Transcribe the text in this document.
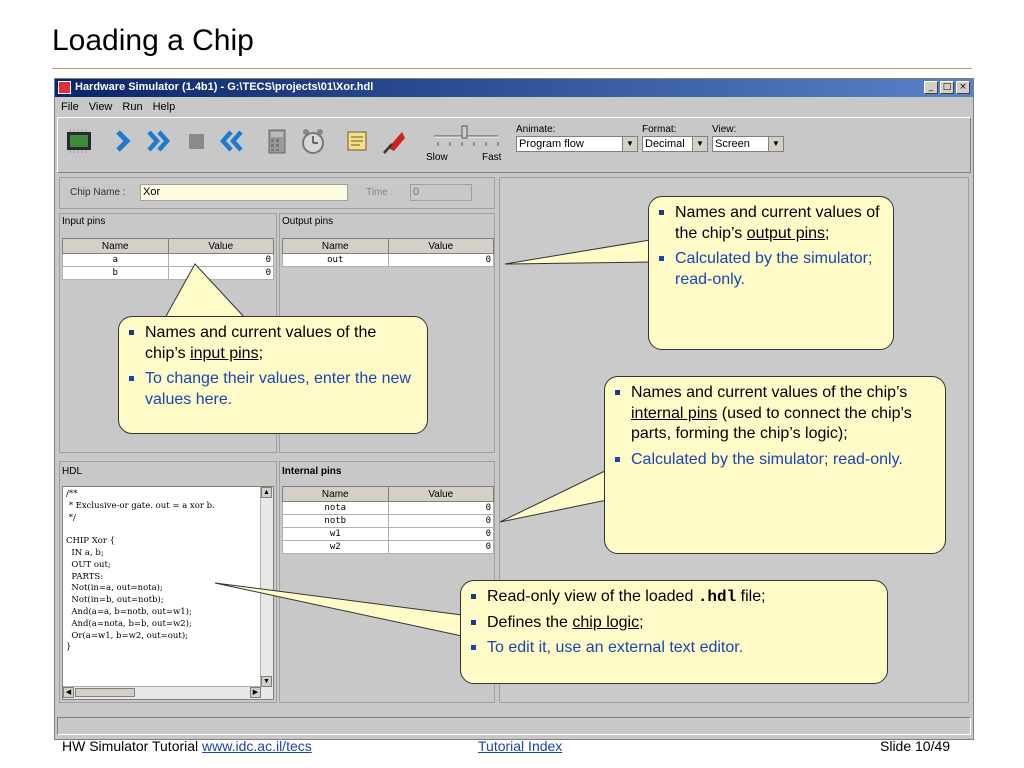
Loading a Chip
Hardware Simulator (1.4b1) - G:\TECS\projects\01\Xor.hdl	_	□ ×
File View Run Help
Slow	Fast
Animate:
Program flow	▼
Format:
Decimal	▼
View:
Screen	▼
Chip Name : Xor	Time : 0
Input pins
Name	Value
a	0
b	0
Output pins
Name	Value
out	0
HDL
/**
* Exclusive-or gate. out = a xor b.
*/

CHIP Xor {
IN a, b;
OUT out;
PARTS:
Not(in=a, out=nota);
Not(in=b, out=notb);
And(a=a, b=notb, out=w1);
And(a=nota, b=b, out=w2);
Or(a=w1, b=w2, out=out);
}
▲
▼
◀	▶
Internal pins
Name	Value
nota	0
notb	0
w1	0
w2	0
Names and current values of the chip’s output pins;
Calculated by the simulator; read-only.
Names and current values of the chip’s input pins;
To change their values, enter the new values here.	Names and current values of the chip’s internal pins (used to connect the chip’s parts, forming the chip’s logic);
Calculated by the simulator; read-only.
Read-only view of the loaded .hdl file;
Defines the chip logic;
To edit it, use an external text editor.
HW Simulator Tutorial www.idc.ac.il/tecs	Tutorial Index	Slide 10/49
